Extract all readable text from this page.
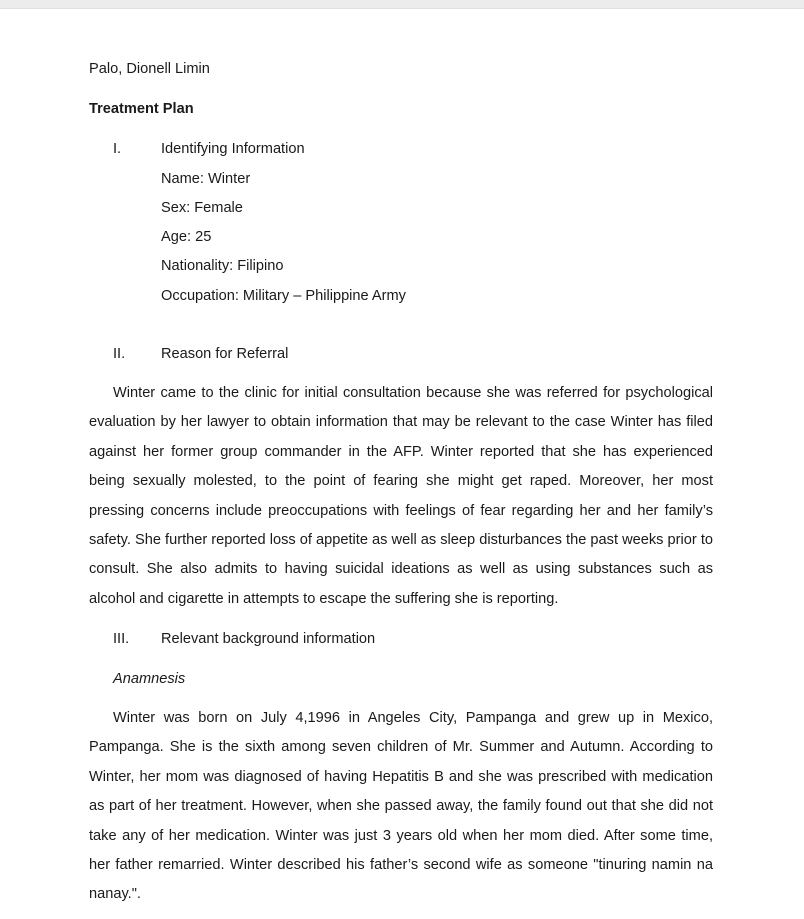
Palo, Dionell Limin
Treatment Plan
I.	Identifying Information
Name: Winter
Sex: Female
Age: 25
Nationality: Filipino
Occupation: Military – Philippine Army
II. Reason for Referral

Winter came to the clinic for initial consultation because she was referred for psychological evaluation by her lawyer to obtain information that may be relevant to the case Winter has filed against her former group commander in the AFP. Winter reported that she has experienced being sexually molested, to the point of fearing she might get raped. Moreover, her most pressing concerns include preoccupations with feelings of fear regarding her and her family’s safety. She further reported loss of appetite as well as sleep disturbances the past weeks prior to consult. She also admits to having suicidal ideations as well as using substances such as alcohol and cigarette in attempts to escape the suffering she is reporting.

III. Relevant background information
Anamnesis

Winter was born on July 4,1996 in Angeles City, Pampanga and grew up in Mexico, Pampanga. She is the sixth among seven children of Mr. Summer and Autumn. According to Winter, her mom was diagnosed of having Hepatitis B and she was prescribed with medication as part of her treatment. However, when she passed away, the family found out that she did not take any of her medication. Winter was just 3 years old when her mom died. After some time, her father remarried. Winter described his father’s second wife as someone "tinuring namin na nanay.".
